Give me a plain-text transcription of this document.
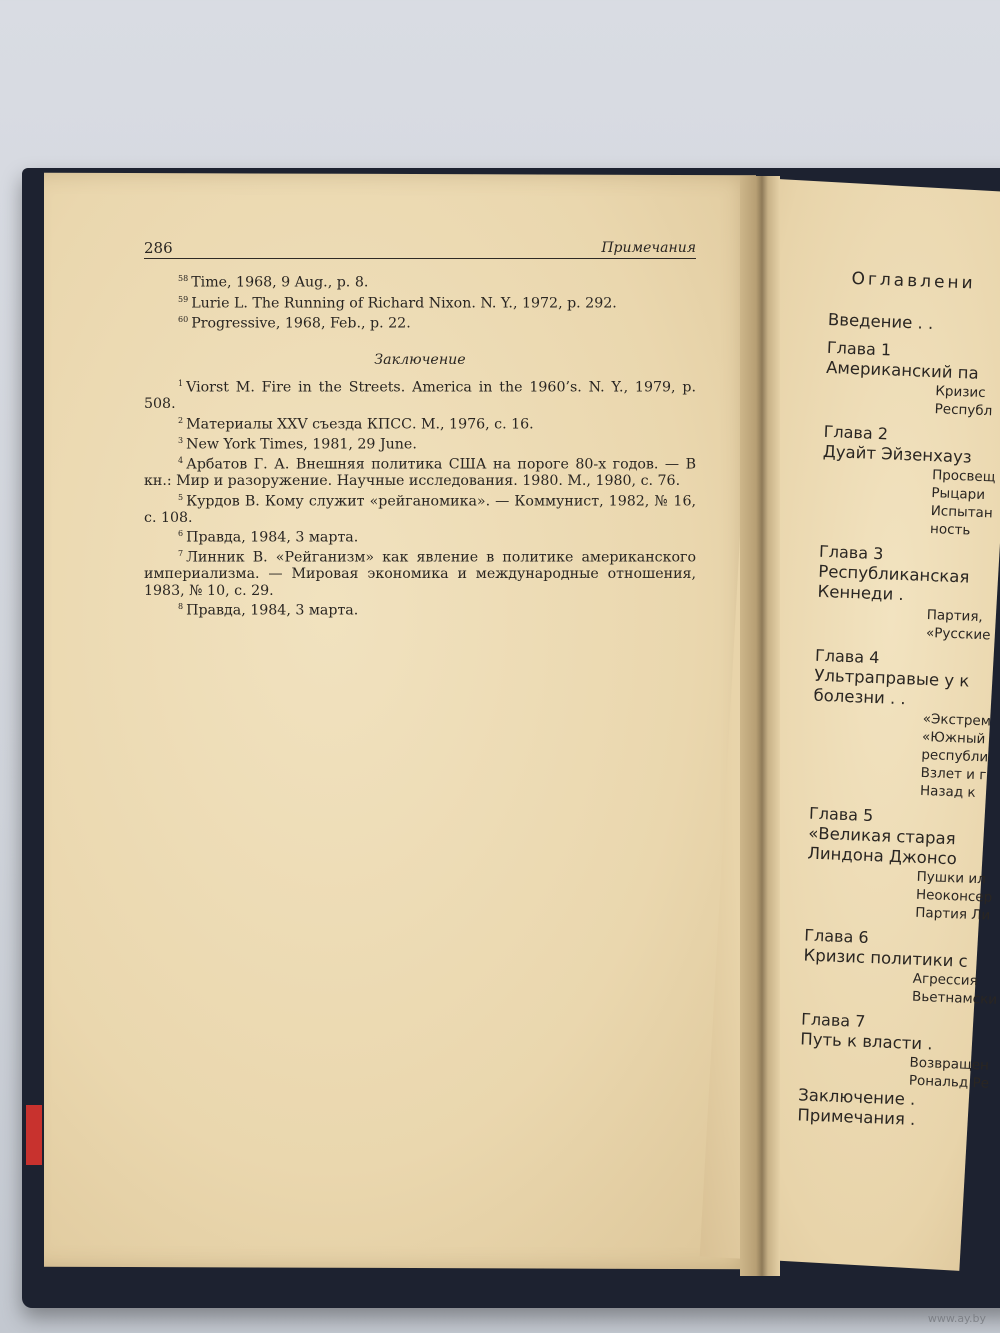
286	Примечания
$^{58}$ Time, 1968, 9 Aug., p. 8.
$^{59}$ Lurie L. The Running of Richard Nixon. N. Y., 1972, p. 292.
$^{60}$ Progressive, 1968, Feb., p. 22.
Заключение
$^1$ Viorst M. Fire in the Streets. America in the 1960’s. N. Y., 1979, p. 508.
$^2$ Материалы XXV съезда КПСС. М., 1976, с. 16.
$^3$ New York Times, 1981, 29 June.
$^4$ Арбатов Г. А. Внешняя политика США на пороге 80-х годов. — В кн.: Мир и разоружение. Научные исследования. 1980. М., 1980, с. 76.
$^5$ Курдов В. Кому служит «рейганомика». — Коммунист, 1982, № 16, с. 108.
$^6$ Правда, 1984, 3 марта.
$^7$ Линник В. «Рейганизм» как явление в политике американского империализма. — Мировая экономика и международные отношения, 1983, № 10, с. 29.
$^8$ Правда, 1984, 3 марта.
Оглавлени
Введение . .
Глава 1
Американский па
Кризис
Республ
Глава 2
Дуайт Эйзенхауз
Просвещ
Рыцари
Испытан
ность
Глава 3
Республиканская
Кеннеди .
Партия,
«Русские
Глава 4
Ультраправые у к
болезни . .
«Экстрем
«Южный
республи
Взлет и г
Назад к
Глава 5
«Великая старая
Линдона Джонсо
Пушки ил
Неоконсер
Партия Ли
Глава 6
Кризис политики с
Агрессия
Вьетнамски
Глава 7
Путь к власти .
Возвращен
Рональд Ре
Заключение .
Примечания .
www.ay.by
